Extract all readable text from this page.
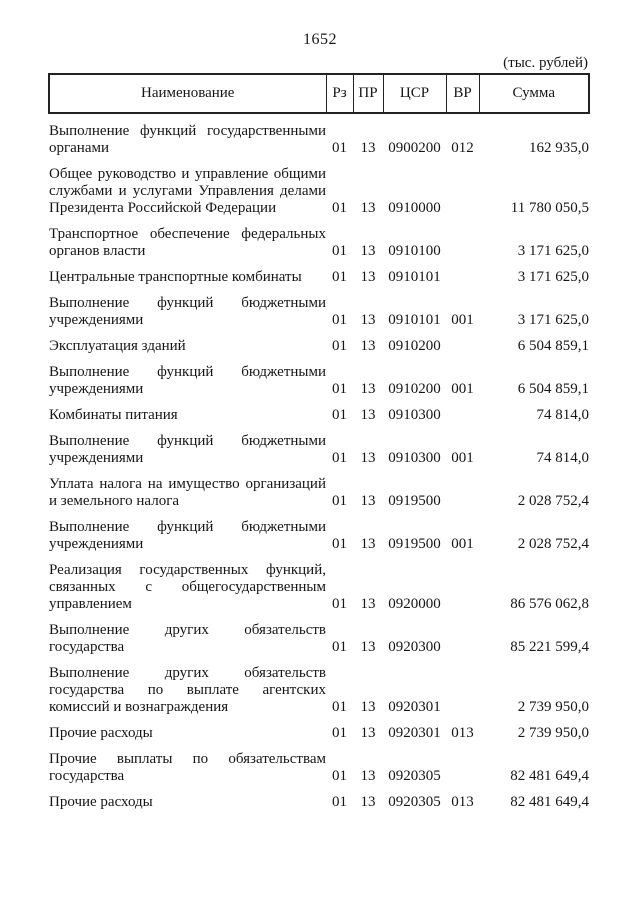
1652
(тыс. рублей)
Наименование	Рз	ПР	ЦСР	ВР	Сумма
Выполнение функций государственными органами	01	13	0900200	012	162 935,0
Общее руководство и управление общими службами и услугами Управления делами Президента Российской Федерации	01	13	0910000		11 780 050,5
Транспортное обеспечение федеральных органов власти	01	13	0910100		3 171 625,0
Центральные транспортные комбинаты	01	13	0910101		3 171 625,0
Выполнение функций бюджетными учреждениями	01	13	0910101	001	3 171 625,0
Эксплуатация зданий	01	13	0910200		6 504 859,1
Выполнение функций бюджетными учреждениями	01	13	0910200	001	6 504 859,1
Комбинаты питания	01	13	0910300		74 814,0
Выполнение функций бюджетными учреждениями	01	13	0910300	001	74 814,0
Уплата налога на имущество организаций и земельного налога	01	13	0919500		2 028 752,4
Выполнение функций бюджетными учреждениями	01	13	0919500	001	2 028 752,4
Реализация государственных функций, связанных с общегосударственным управлением	01	13	0920000		86 576 062,8
Выполнение других обязательств государства	01	13	0920300		85 221 599,4
Выполнение других обязательств государства по выплате агентских комиссий и вознаграждения	01	13	0920301		2 739 950,0
Прочие расходы	01	13	0920301	013	2 739 950,0
Прочие выплаты по обязательствам государства	01	13	0920305		82 481 649,4
Прочие расходы	01	13	0920305	013	82 481 649,4
